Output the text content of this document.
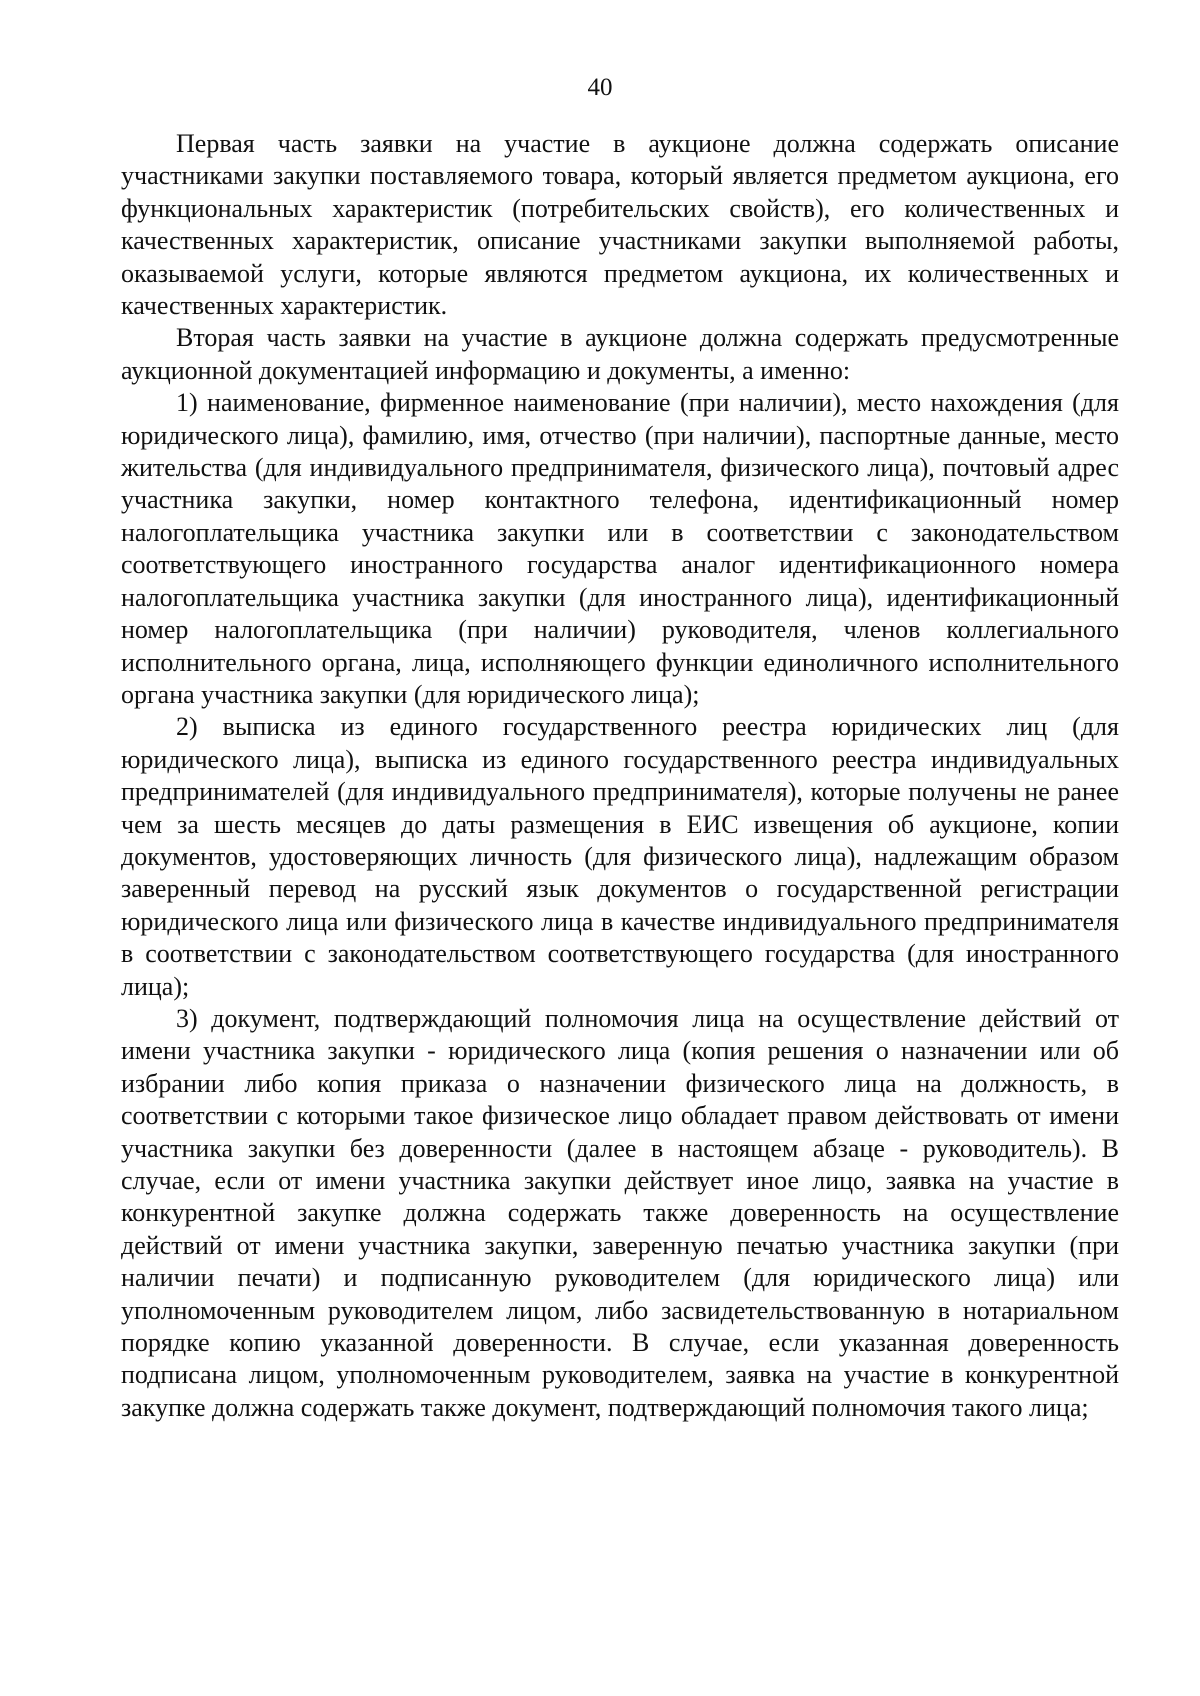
40

Первая часть заявки на участие в аукционе должна содержать описание участниками закупки поставляемого товара, который является предметом аукциона, его функциональных характеристик (потребительских свойств), его количественных и качественных характеристик, описание участниками закупки выполняемой работы, оказываемой услуги, которые являются предметом аукциона, их количественных и качественных характеристик.

Вторая часть заявки на участие в аукционе должна содержать предусмотренные аукционной документацией информацию и документы, а именно:

1) наименование, фирменное наименование (при наличии), место нахождения (для юридического лица), фамилию, имя, отчество (при наличии), паспортные данные, место жительства (для индивидуального предпринимателя, физического лица), почтовый адрес участника закупки, номер контактного телефона, идентификационный номер налогоплательщика участника закупки или в соответствии с законодательством соответствующего иностранного государства аналог идентификационного номера налогоплательщика участника закупки (для иностранного лица), идентификационный номер налогоплательщика (при наличии) руководителя, членов коллегиального исполнительного органа, лица, исполняющего функции единоличного исполнительного органа участника закупки (для юридического лица);

2) выписка из единого государственного реестра юридических лиц (для юридического лица), выписка из единого государственного реестра индивидуальных предпринимателей (для индивидуального предпринимателя), которые получены не ранее чем за шесть месяцев до даты размещения в ЕИС извещения об аукционе, копии документов, удостоверяющих личность (для физического лица), надлежащим образом заверенный перевод на русский язык документов о государственной регистрации юридического лица или физического лица в качестве индивидуального предпринимателя в соответствии с законодательством соответствующего государства (для иностранного лица);

3) документ, подтверждающий полномочия лица на осуществление действий от имени участника закупки - юридического лица (копия решения о назначении или об избрании либо копия приказа о назначении физического лица на должность, в соответствии с которыми такое физическое лицо обладает правом действовать от имени участника закупки без доверенности (далее в настоящем абзаце - руководитель). В случае, если от имени участника закупки действует иное лицо, заявка на участие в конкурентной закупке должна содержать также доверенность на осуществление действий от имени участника закупки, заверенную печатью участника закупки (при наличии печати) и подписанную руководителем (для юридического лица) или уполномоченным руководителем лицом, либо засвидетельствованную в нотариальном порядке копию указанной доверенности. В случае, если указанная доверенность подписана лицом, уполномоченным руководителем, заявка на участие в конкурентной закупке должна содержать также документ, подтверждающий полномочия такого лица;
